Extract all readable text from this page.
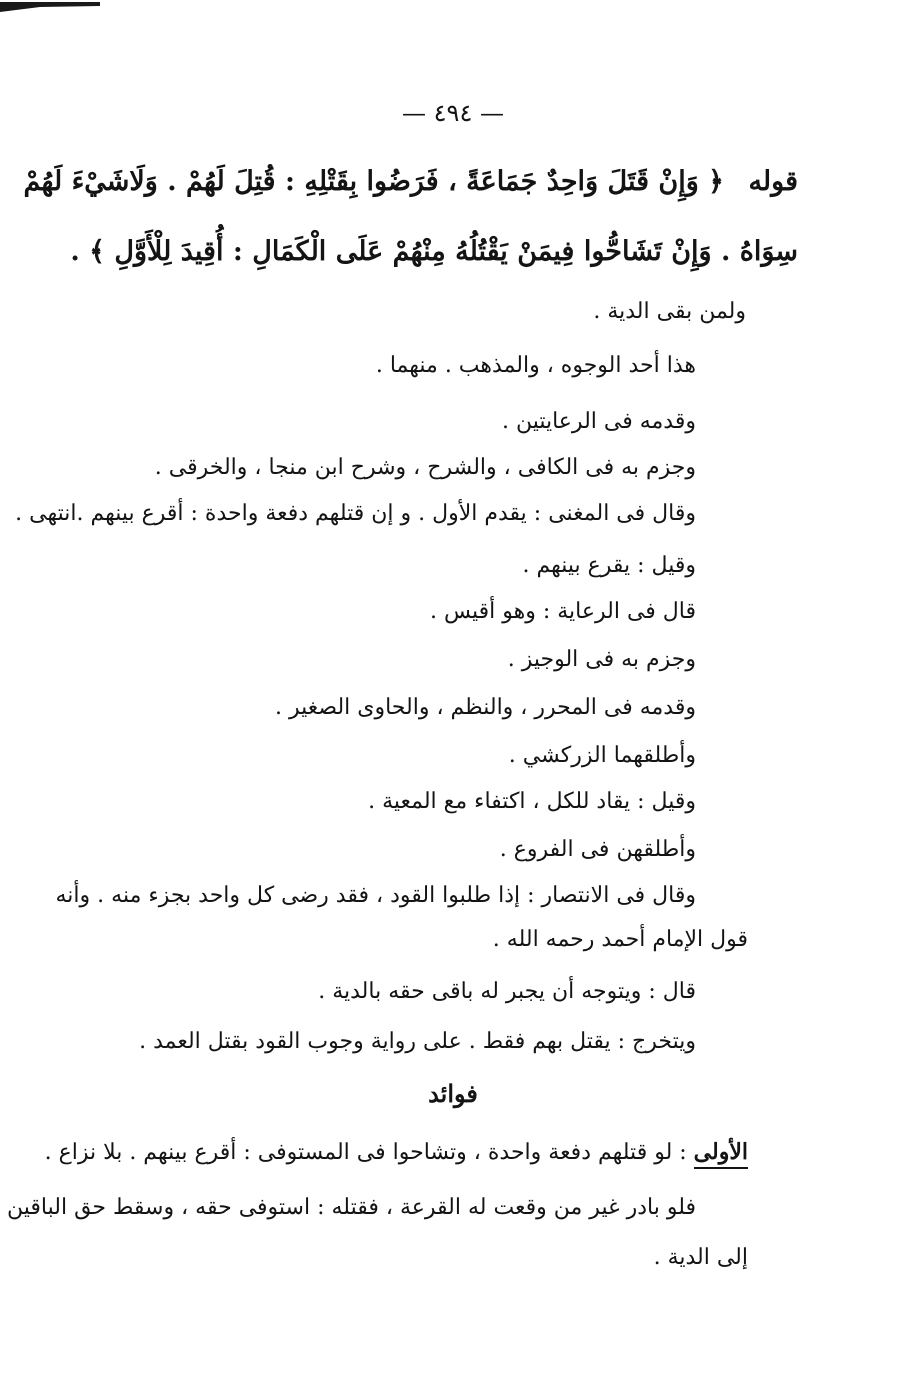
— ٤٩٤ —
﴿ وَإِنْ قَتَلَ وَاحِدٌ جَمَاعَةً ، فَرَضُوا بِقَتْلِهِ : قُتِلَ لَهُمْ . وَلَاشَيْءَ لَهُمْ قوله
سِوَاهُ . وَإِنْ تَشَاحُّوا فِيمَنْ يَقْتُلُهُ مِنْهُمْ عَلَى الْكَمَالِ : أُقِيدَ لِلْأَوَّلِ ﴾ .
ولمن بقى الدية .
هذا أحد الوجوه ، والمذهب . منهما .
وقدمه فى الرعايتين .
وجزم به فى الكافى ، والشرح ، وشرح ابن منجا ، والخرقى .
وقال فى المغنى : يقدم الأول . و إن قتلهم دفعة واحدة : أقرع بينهم .انتهى .
وقيل : يقرع بينهم .
قال فى الرعاية : وهو أقيس .
وجزم به فى الوجيز .
وقدمه فى المحرر ، والنظم ، والحاوى الصغير .
وأطلقهما الزركشي .
وقيل : يقاد للكل ، اكتفاء مع المعية .
وأطلقهن فى الفروع .
وقال فى الانتصار : إذا طلبوا القود ، فقد رضى كل واحد بجزء منه . وأنه
قول الإمام أحمد رحمه الله .
قال : ويتوجه أن يجبر له باقى حقه بالدية .
ويتخرج : يقتل بهم فقط . على رواية وجوب القود بقتل العمد .
فوائد
الأولى : لو قتلهم دفعة واحدة ، وتشاحوا فى المستوفى : أقرع بينهم . بلا نزاع .
فلو بادر غير من وقعت له القرعة ، فقتله : استوفى حقه ، وسقط حق الباقين
إلى الدية .
